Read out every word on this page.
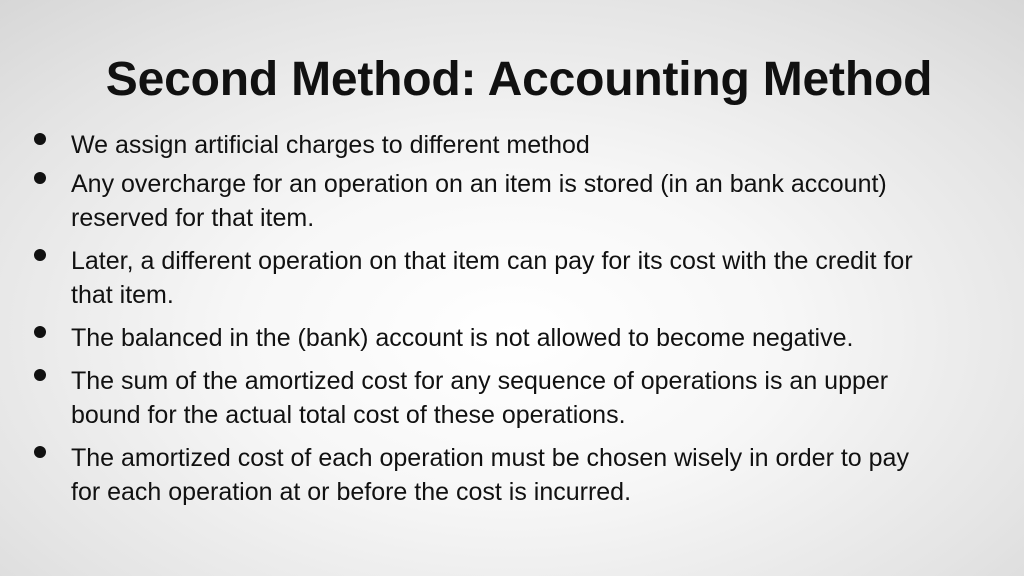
Second Method: Accounting Method
We assign artificial charges to different method
Any overcharge for an operation on an item is stored (in an bank account) reserved for that item.
Later, a different operation on that item can pay for its cost with the credit for that item.
The balanced in the (bank) account is not allowed to become negative.
The sum of the amortized cost for any sequence of operations is an upper bound for the actual total cost of these operations.
The amortized cost of each operation must be chosen wisely in order to pay for each operation at or before the cost is incurred.
